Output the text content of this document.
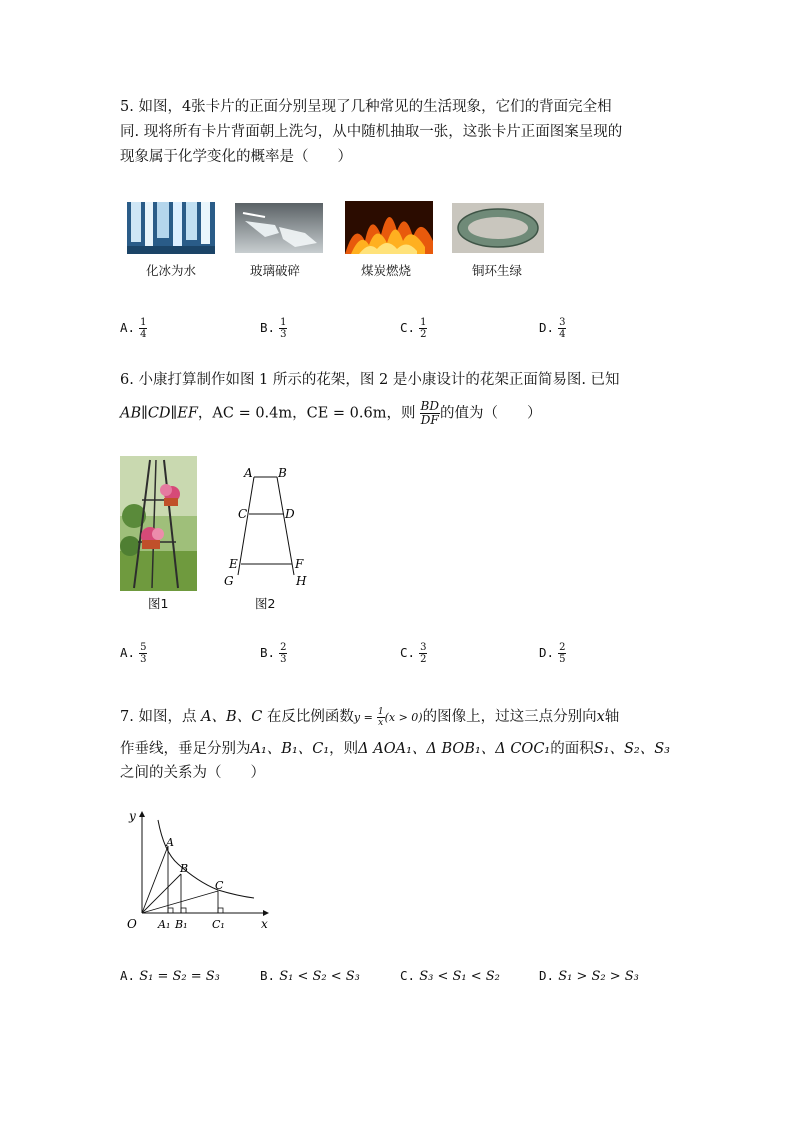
5. 如图，4张卡片的正面分别呈现了几种常见的生活现象，它们的背面完全相
同. 现将所有卡片背面朝上洗匀，从中随机抽取一张，这张卡片正面图案呈现的
现象属于化学变化的概率是（　　）
化冰为水	玻璃破碎	煤炭燃烧	铜环生绿
A. $\frac{1}{4}$	B. $\frac{1}{3}$	C. $\frac{1}{2}$	D. $\frac{3}{4}$
6. 小康打算制作如图 1 所示的花架，图 2 是小康设计的花架正面简易图. 已知
AB∥CD∥EF，AC = 0.4m，CE = 0.6m，则 $\frac{BD}{DF}$ 的值为（　　）
A B
C	D
E	F
G	H
图1	图2
A. $\frac{5}{3}$	B. $\frac{2}{3}$	C. $\frac{3}{2}$	D. $\frac{2}{5}$
7. 如图，点 A、B、C 在反比例函数$y = \frac{1}{x} (x > 0)$的图像上，过这三点分别向x轴
作垂线，垂足分别为A₁、B₁、C₁，则Δ AOA₁、Δ BOB₁、Δ COC₁的面积S₁、S₂、S₃
之间的关系为（　　）
y
x
O
A
B
C
A₁ B₁ C₁
A. S₁ = S₂ = S₃	B. S₁ < S₂ < S₃	C. S₃ < S₁ < S₂	D. S₁ > S₂ > S₃
